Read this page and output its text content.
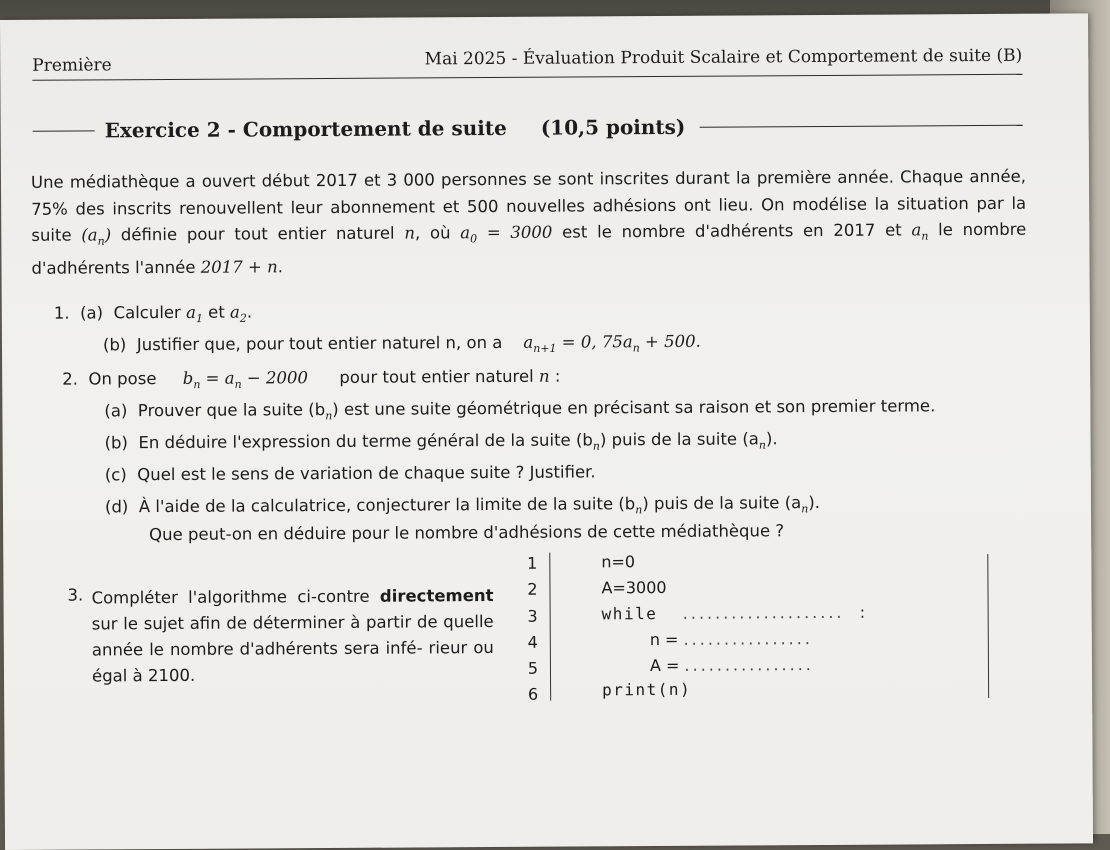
Première	Mai 2025 - Évaluation Produit Scalaire et Comportement de suite (B)
Exercice 2 - Comportement de suite (10,5 points)
Une médiathèque a ouvert début 2017 et 3 000 personnes se sont inscrites durant la première année. Chaque année, 75% des inscrits renouvellent leur abonnement et 500 nouvelles adhésions ont lieu. On modélise la situation par la suite $(a_n)$ définie pour tout entier naturel n, où $a_0 = 3000$ est le nombre d'adhérents en 2017 et $a_n$ le nombre d'adhérents l'année 2017 + n.
1. (a) Calculer $a_1$ et $a_2$.
(b) Justifier que, pour tout entier naturel n, on a $a_{n+1} = 0$, $75a_n + 500$.
2. On pose $b_n = a_n - 2000$ pour tout entier naturel n :
(a) Prouver que la suite $(b_n)$ est une suite géométrique en précisant sa raison et son premier terme.
(b) En déduire l'expression du terme général de la suite $(b_n)$ puis de la suite $(a_n)$.
(c) Quel est le sens de variation de chaque suite ? Justifier.
(d) À l'aide de la calculatrice, conjecturer la limite de la suite $(b_n)$ puis de la suite $(a_n)$.
Que peut-on en déduire pour le nombre d'adhésions de cette médiathèque ?
3. Compléter l'algorithme ci-contre directement sur le sujet afin de déterminer à partir de quelle année le nombre d'adhérents sera infé- rieur ou égal à 2100.
1
2
3
4
5
6
n=0
A=3000
while .................... :
n = ................
A = ................
print(n)
